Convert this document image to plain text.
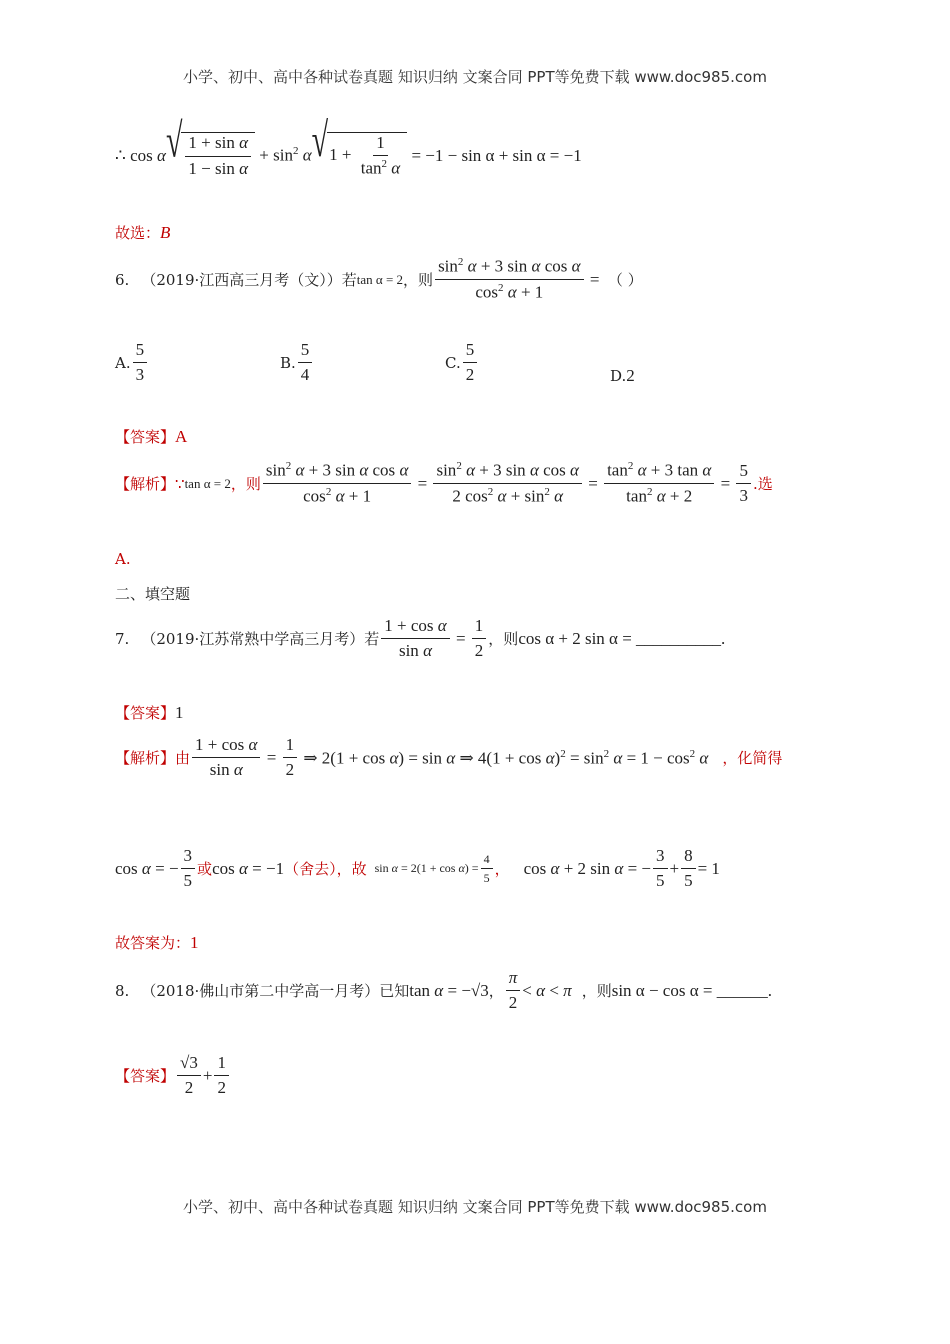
小学、初中、高中各种试卷真题 知识归纳 文案合同 PPT等免费下载 www.doc985.com
∴ cos α √ $\frac{\text{1 + sin α}}{\text{1 − sin α}} + \sin^2 \alpha$ √ $1 + \frac{1}{\tan^2 \alpha}$
= −1 − sin α + sin α = −1
故选：B
6. （2019·江西高三月考（文））若 tan α = 2 ，则 $\frac{\sin^2 \alpha + 3 \sin \alpha \cos \alpha}{\cos^2 \alpha + 1}$ = （ ）
A. $\frac{5}{3}$	B. $\frac{5}{4}$	C. $\frac{5}{2}$	D. 2
【答案】A
【解析】 ∵ tan α = 2 ，则 $\frac{\sin^2 \alpha + 3 \sin \alpha \cos \alpha}{\cos^2 \alpha + 1} = \frac{\sin^2 \alpha + 3 \sin \alpha \cos \alpha}{2 \cos^2 \alpha + \sin^2 \alpha} = \frac{\tan^2 \alpha + 3 \tan \alpha}{\tan^2 \alpha + 2} = \frac{5}{3}$ . 选
A.
二、填空题
7. （2019·江苏常熟中学高三月考）若 $\frac{\text{1 + cos α}}{\text{sin α}} = \frac{1}{2}$ ，则 cos α + 2 sin α = __________.
【答案】1
【解析】 由 $\frac{\text{1 + cos α}}{\text{sin α}} = \frac{1}{2}$ ⇒ 2(1 + cos α) = sin α ⇒ $4(1 + \cos \alpha)^2 = \sin^2 \alpha = 1 - \cos^2 \alpha$ ，化简得
cos α = − $\frac{3}{5}$ 或 cos α = −1 （舍去），故 $\sin \alpha = 2(1 + \cos \alpha) = \frac{4}{5}$ ， cos α + 2 sin α = − $\frac{3}{5} + \frac{8}{5} = 1$
故答案为：1
8. （2018·佛山市第二中学高一月考）已知 tan α = −√3 ， $\frac{\pi}{2} < \alpha < \pi$ ，则 sin α − cos α = ______.
【答案】 $\frac{√3}{2} + \frac{1}{2}$
小学、初中、高中各种试卷真题 知识归纳 文案合同 PPT等免费下载 www.doc985.com
